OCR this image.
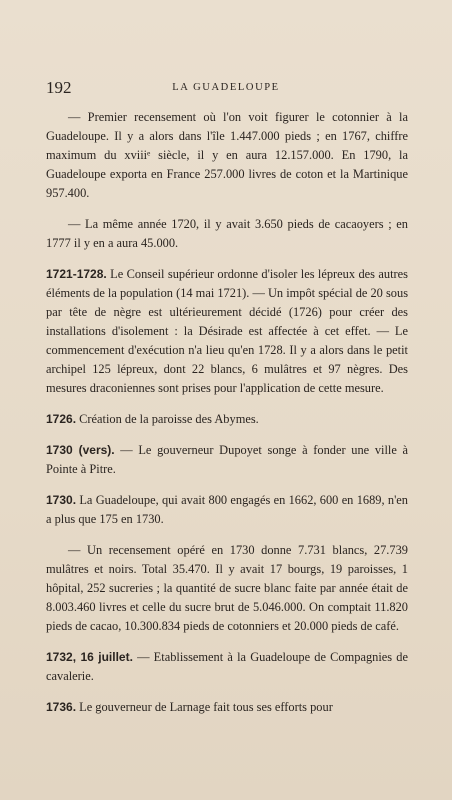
192	LA GUADELOUPE

— Premier recensement où l'on voit figurer le cotonnier à la Guadeloupe. Il y a alors dans l'île 1.447.000 pieds ; en 1767, chiffre maximum du xviiiᵉ siècle, il y en aura 12.157.000. En 1790, la Guadeloupe exporta en France 257.000 livres de coton et la Martinique 957.400.

— La même année 1720, il y avait 3.650 pieds de cacaoyers ; en 1777 il y en a aura 45.000.

1721-1728. Le Conseil supérieur ordonne d'isoler les lépreux des autres éléments de la population (14 mai 1721). — Un impôt spécial de 20 sous par tête de nègre est ultérieurement décidé (1726) pour créer des installations d'isolement : la Désirade est affectée à cet effet. — Le commencement d'exécution n'a lieu qu'en 1728. Il y a alors dans le petit archipel 125 lépreux, dont 22 blancs, 6 mulâtres et 97 nègres. Des mesures draconiennes sont prises pour l'application de cette mesure.

1726. Création de la paroisse des Abymes.

1730 (vers). — Le gouverneur Dupoyet songe à fonder une ville à Pointe à Pitre.

1730. La Guadeloupe, qui avait 800 engagés en 1662, 600 en 1689, n'en a plus que 175 en 1730.

— Un recensement opéré en 1730 donne 7.731 blancs, 27.739 mulâtres et noirs. Total 35.470. Il y avait 17 bourgs, 19 paroisses, 1 hôpital, 252 sucreries ; la quantité de sucre blanc faite par année était de 8.003.460 livres et celle du sucre brut de 5.046.000. On comptait 11.820 pieds de cacao, 10.300.834 pieds de cotonniers et 20.000 pieds de café.

1732, 16 juillet. — Etablissement à la Guadeloupe de Compagnies de cavalerie.

1736. Le gouverneur de Larnage fait tous ses efforts pour
